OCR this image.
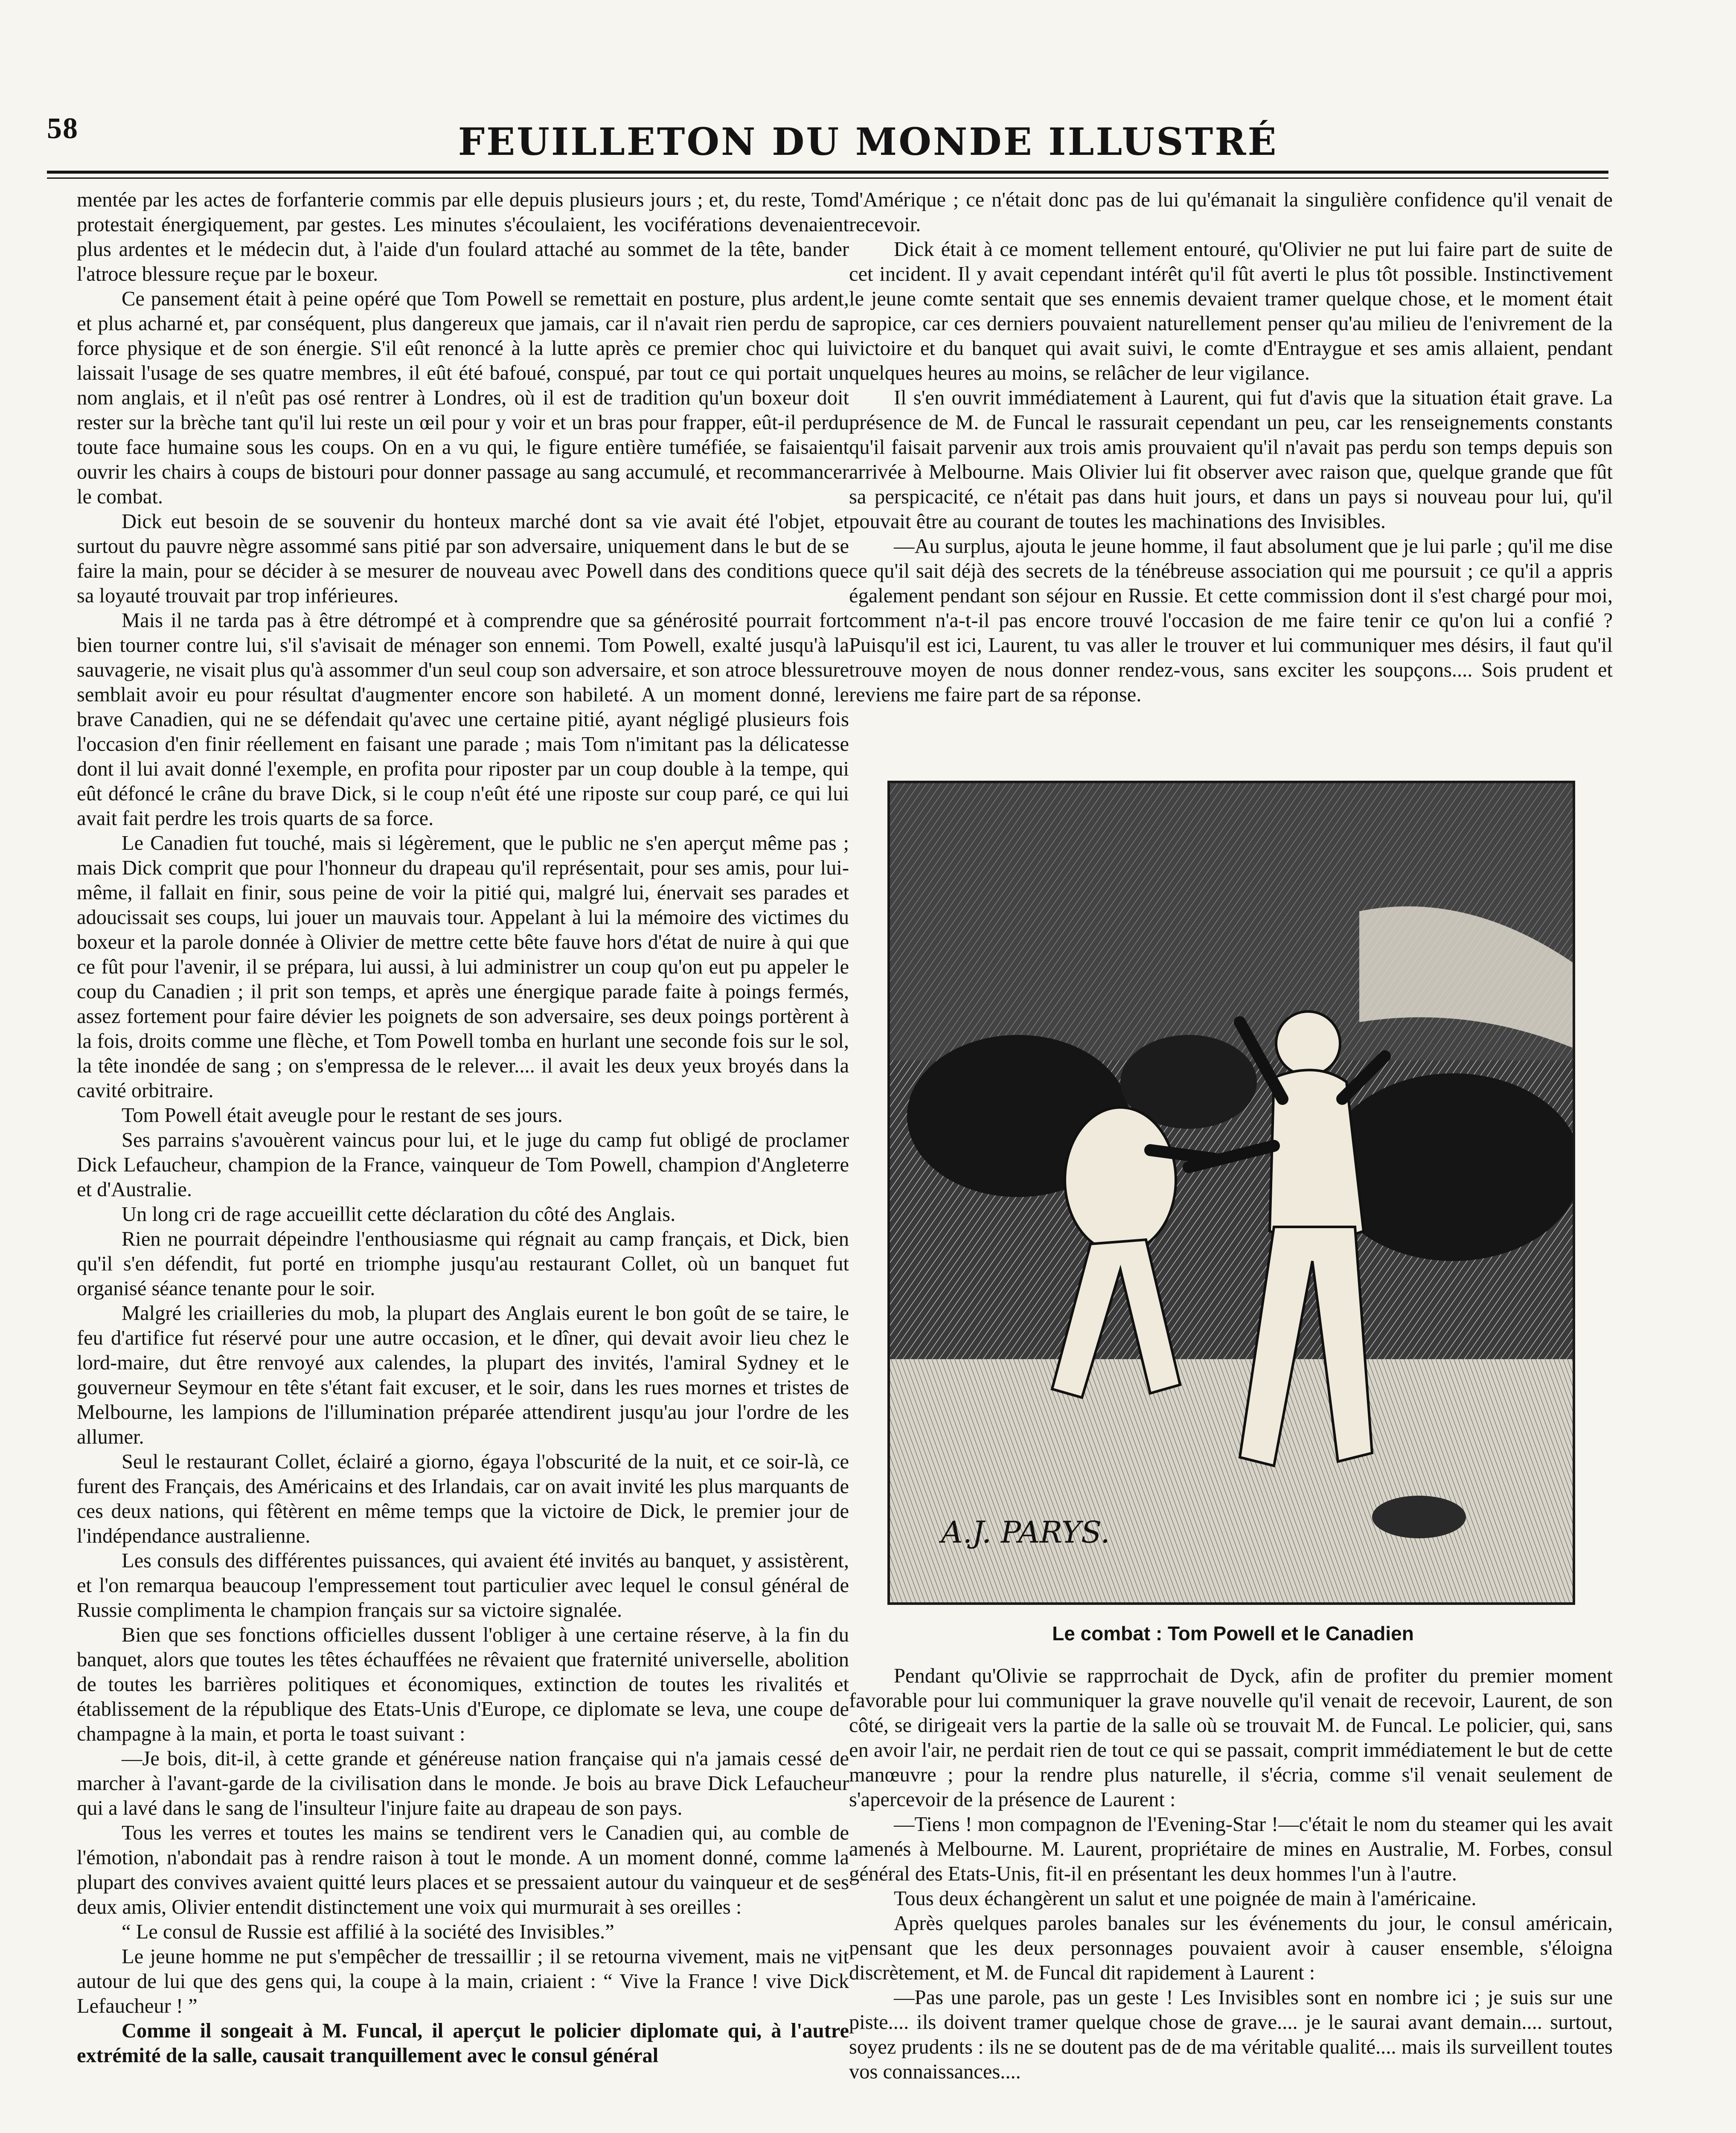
58	FEUILLETON DU MONDE ILLUSTRÉ

mentée par les actes de forfanterie commis par elle depuis plusieurs jours ; et, du reste, Tom protestait énergiquement, par gestes. Les minutes s'écoulaient, les vociférations devenaient plus ardentes et le médecin dut, à l'aide d'un foulard attaché au sommet de la tête, bander l'atroce blessure reçue par le boxeur.

Ce pansement était à peine opéré que Tom Powell se remettait en posture, plus ardent, et plus acharné et, par conséquent, plus dangereux que jamais, car il n'avait rien perdu de sa force physique et de son énergie. S'il eût renoncé à la lutte après ce premier choc qui lui laissait l'usage de ses quatre membres, il eût été bafoué, conspué, par tout ce qui portait un nom anglais, et il n'eût pas osé rentrer à Londres, où il est de tradition qu'un boxeur doit rester sur la brèche tant qu'il lui reste un œil pour y voir et un bras pour frapper, eût-il perdu toute face humaine sous les coups. On en a vu qui, le figure entière tuméfiée, se faisaient ouvrir les chairs à coups de bistouri pour donner passage au sang accumulé, et recommancer le combat.

Dick eut besoin de se souvenir du honteux marché dont sa vie avait été l'objet, et surtout du pauvre nègre assommé sans pitié par son adversaire, uniquement dans le but de se faire la main, pour se décider à se mesurer de nouveau avec Powell dans des conditions que sa loyauté trouvait par trop inférieures.

Mais il ne tarda pas à être détrompé et à comprendre que sa générosité pourrait fort bien tourner contre lui, s'il s'avisait de ménager son ennemi. Tom Powell, exalté jusqu'à la sauvagerie, ne visait plus qu'à assommer d'un seul coup son adversaire, et son atroce blessure semblait avoir eu pour résultat d'augmenter encore son habileté. A un moment donné, le brave Canadien, qui ne se défendait qu'avec une certaine pitié, ayant négligé plusieurs fois l'occasion d'en finir réellement en faisant une parade ; mais Tom n'imitant pas la délicatesse dont il lui avait donné l'exemple, en profita pour riposter par un coup double à la tempe, qui eût défoncé le crâne du brave Dick, si le coup n'eût été une riposte sur coup paré, ce qui lui avait fait perdre les trois quarts de sa force.

Le Canadien fut touché, mais si légèrement, que le public ne s'en aperçut même pas ; mais Dick comprit que pour l'honneur du drapeau qu'il représentait, pour ses amis, pour lui-même, il fallait en finir, sous peine de voir la pitié qui, malgré lui, énervait ses parades et adoucissait ses coups, lui jouer un mauvais tour. Appelant à lui la mémoire des victimes du boxeur et la parole donnée à Olivier de mettre cette bête fauve hors d'état de nuire à qui que ce fût pour l'avenir, il se prépara, lui aussi, à lui administrer un coup qu'on eut pu appeler le coup du Canadien ; il prit son temps, et après une énergique parade faite à poings fermés, assez fortement pour faire dévier les poignets de son adversaire, ses deux poings portèrent à la fois, droits comme une flèche, et Tom Powell tomba en hurlant une seconde fois sur le sol, la tête inondée de sang ; on s'empressa de le relever.... il avait les deux yeux broyés dans la cavité orbitraire.

Tom Powell était aveugle pour le restant de ses jours.

Ses parrains s'avouèrent vaincus pour lui, et le juge du camp fut obligé de proclamer Dick Lefaucheur, champion de la France, vainqueur de Tom Powell, champion d'Angleterre et d'Australie.

Un long cri de rage accueillit cette déclaration du côté des Anglais.

Rien ne pourrait dépeindre l'enthousiasme qui régnait au camp français, et Dick, bien qu'il s'en défendit, fut porté en triomphe jusqu'au restaurant Collet, où un banquet fut organisé séance tenante pour le soir.

Malgré les criailleries du mob, la plupart des Anglais eurent le bon goût de se taire, le feu d'artifice fut réservé pour une autre occasion, et le dîner, qui devait avoir lieu chez le lord-maire, dut être renvoyé aux calendes, la plupart des invités, l'amiral Sydney et le gouverneur Seymour en tête s'étant fait excuser, et le soir, dans les rues mornes et tristes de Melbourne, les lampions de l'illumination préparée attendirent jusqu'au jour l'ordre de les allumer.

Seul le restaurant Collet, éclairé a giorno, égaya l'obscurité de la nuit, et ce soir-là, ce furent des Français, des Américains et des Irlandais, car on avait invité les plus marquants de ces deux nations, qui fêtèrent en même temps que la victoire de Dick, le premier jour de l'indépendance australienne.

Les consuls des différentes puissances, qui avaient été invités au banquet, y assistèrent, et l'on remarqua beaucoup l'empressement tout particulier avec lequel le consul général de Russie complimenta le champion français sur sa victoire signalée.

Bien que ses fonctions officielles dussent l'obliger à une certaine réserve, à la fin du banquet, alors que toutes les têtes échauffées ne rêvaient que fraternité universelle, abolition de toutes les barrières politiques et économiques, extinction de toutes les rivalités et établissement de la république des Etats-Unis d'Europe, ce diplomate se leva, une coupe de champagne à la main, et porta le toast suivant :

—Je bois, dit-il, à cette grande et généreuse nation française qui n'a jamais cessé de marcher à l'avant-garde de la civilisation dans le monde. Je bois au brave Dick Lefaucheur qui a lavé dans le sang de l'insulteur l'injure faite au drapeau de son pays.

Tous les verres et toutes les mains se tendirent vers le Canadien qui, au comble de l'émotion, n'abondait pas à rendre raison à tout le monde. A un moment donné, comme la plupart des convives avaient quitté leurs places et se pressaient autour du vainqueur et de ses deux amis, Olivier entendit distinctement une voix qui murmurait à ses oreilles :

“ Le consul de Russie est affilié à la société des Invisibles.”

Le jeune homme ne put s'empêcher de tressaillir ; il se retourna vivement, mais ne vit autour de lui que des gens qui, la coupe à la main, criaient : “ Vive la France ! vive Dick Lefaucheur ! ”

Comme il songeait à M. Funcal, il aperçut le policier diplomate qui, à l'autre extrémité de la salle, causait tranquillement avec le consul général

d'Amérique ; ce n'était donc pas de lui qu'émanait la singulière confidence qu'il venait de recevoir.

Dick était à ce moment tellement entouré, qu'Olivier ne put lui faire part de suite de cet incident. Il y avait cependant intérêt qu'il fût averti le plus tôt possible. Instinctivement le jeune comte sentait que ses ennemis devaient tramer quelque chose, et le moment était propice, car ces derniers pouvaient naturellement penser qu'au milieu de l'enivrement de la victoire et du banquet qui avait suivi, le comte d'Entraygue et ses amis allaient, pendant quelques heures au moins, se relâcher de leur vigilance.

Il s'en ouvrit immédiatement à Laurent, qui fut d'avis que la situation était grave. La présence de M. de Funcal le rassurait cependant un peu, car les renseignements constants qu'il faisait parvenir aux trois amis prouvaient qu'il n'avait pas perdu son temps depuis son arrivée à Melbourne. Mais Olivier lui fit observer avec raison que, quelque grande que fût sa perspicacité, ce n'était pas dans huit jours, et dans un pays si nouveau pour lui, qu'il pouvait être au courant de toutes les machinations des Invisibles.

—Au surplus, ajouta le jeune homme, il faut absolument que je lui parle ; qu'il me dise ce qu'il sait déjà des secrets de la ténébreuse association qui me poursuit ; ce qu'il a appris également pendant son séjour en Russie. Et cette commission dont il s'est chargé pour moi, comment n'a-t-il pas encore trouvé l'occasion de me faire tenir ce qu'on lui a confié ? Puisqu'il est ici, Laurent, tu vas aller le trouver et lui communiquer mes désirs, il faut qu'il trouve moyen de nous donner rendez-vous, sans exciter les soupçons.... Sois prudent et reviens me faire part de sa réponse.

A.J. PARYS.
Le combat : Tom Powell et le Canadien

Pendant qu'Olivie se rapprrochait de Dyck, afin de profiter du premier moment favorable pour lui communiquer la grave nouvelle qu'il venait de recevoir, Laurent, de son côté, se dirigeait vers la partie de la salle où se trouvait M. de Funcal. Le policier, qui, sans en avoir l'air, ne perdait rien de tout ce qui se passait, comprit immédiatement le but de cette manœuvre ; pour la rendre plus naturelle, il s'écria, comme s'il venait seulement de s'apercevoir de la présence de Laurent :

—Tiens ! mon compagnon de l'Evening-Star !—c'était le nom du steamer qui les avait amenés à Melbourne. M. Laurent, propriétaire de mines en Australie, M. Forbes, consul général des Etats-Unis, fit-il en présentant les deux hommes l'un à l'autre.

Tous deux échangèrent un salut et une poignée de main à l'américaine.

Après quelques paroles banales sur les événements du jour, le consul américain, pensant que les deux personnages pouvaient avoir à causer ensemble, s'éloigna discrètement, et M. de Funcal dit rapidement à Laurent :

—Pas une parole, pas un geste ! Les Invisibles sont en nombre ici ; je suis sur une piste.... ils doivent tramer quelque chose de grave.... je le saurai avant demain.... surtout, soyez prudents : ils ne se doutent pas de de ma véritable qualité.... mais ils surveillent toutes vos connaissances....
